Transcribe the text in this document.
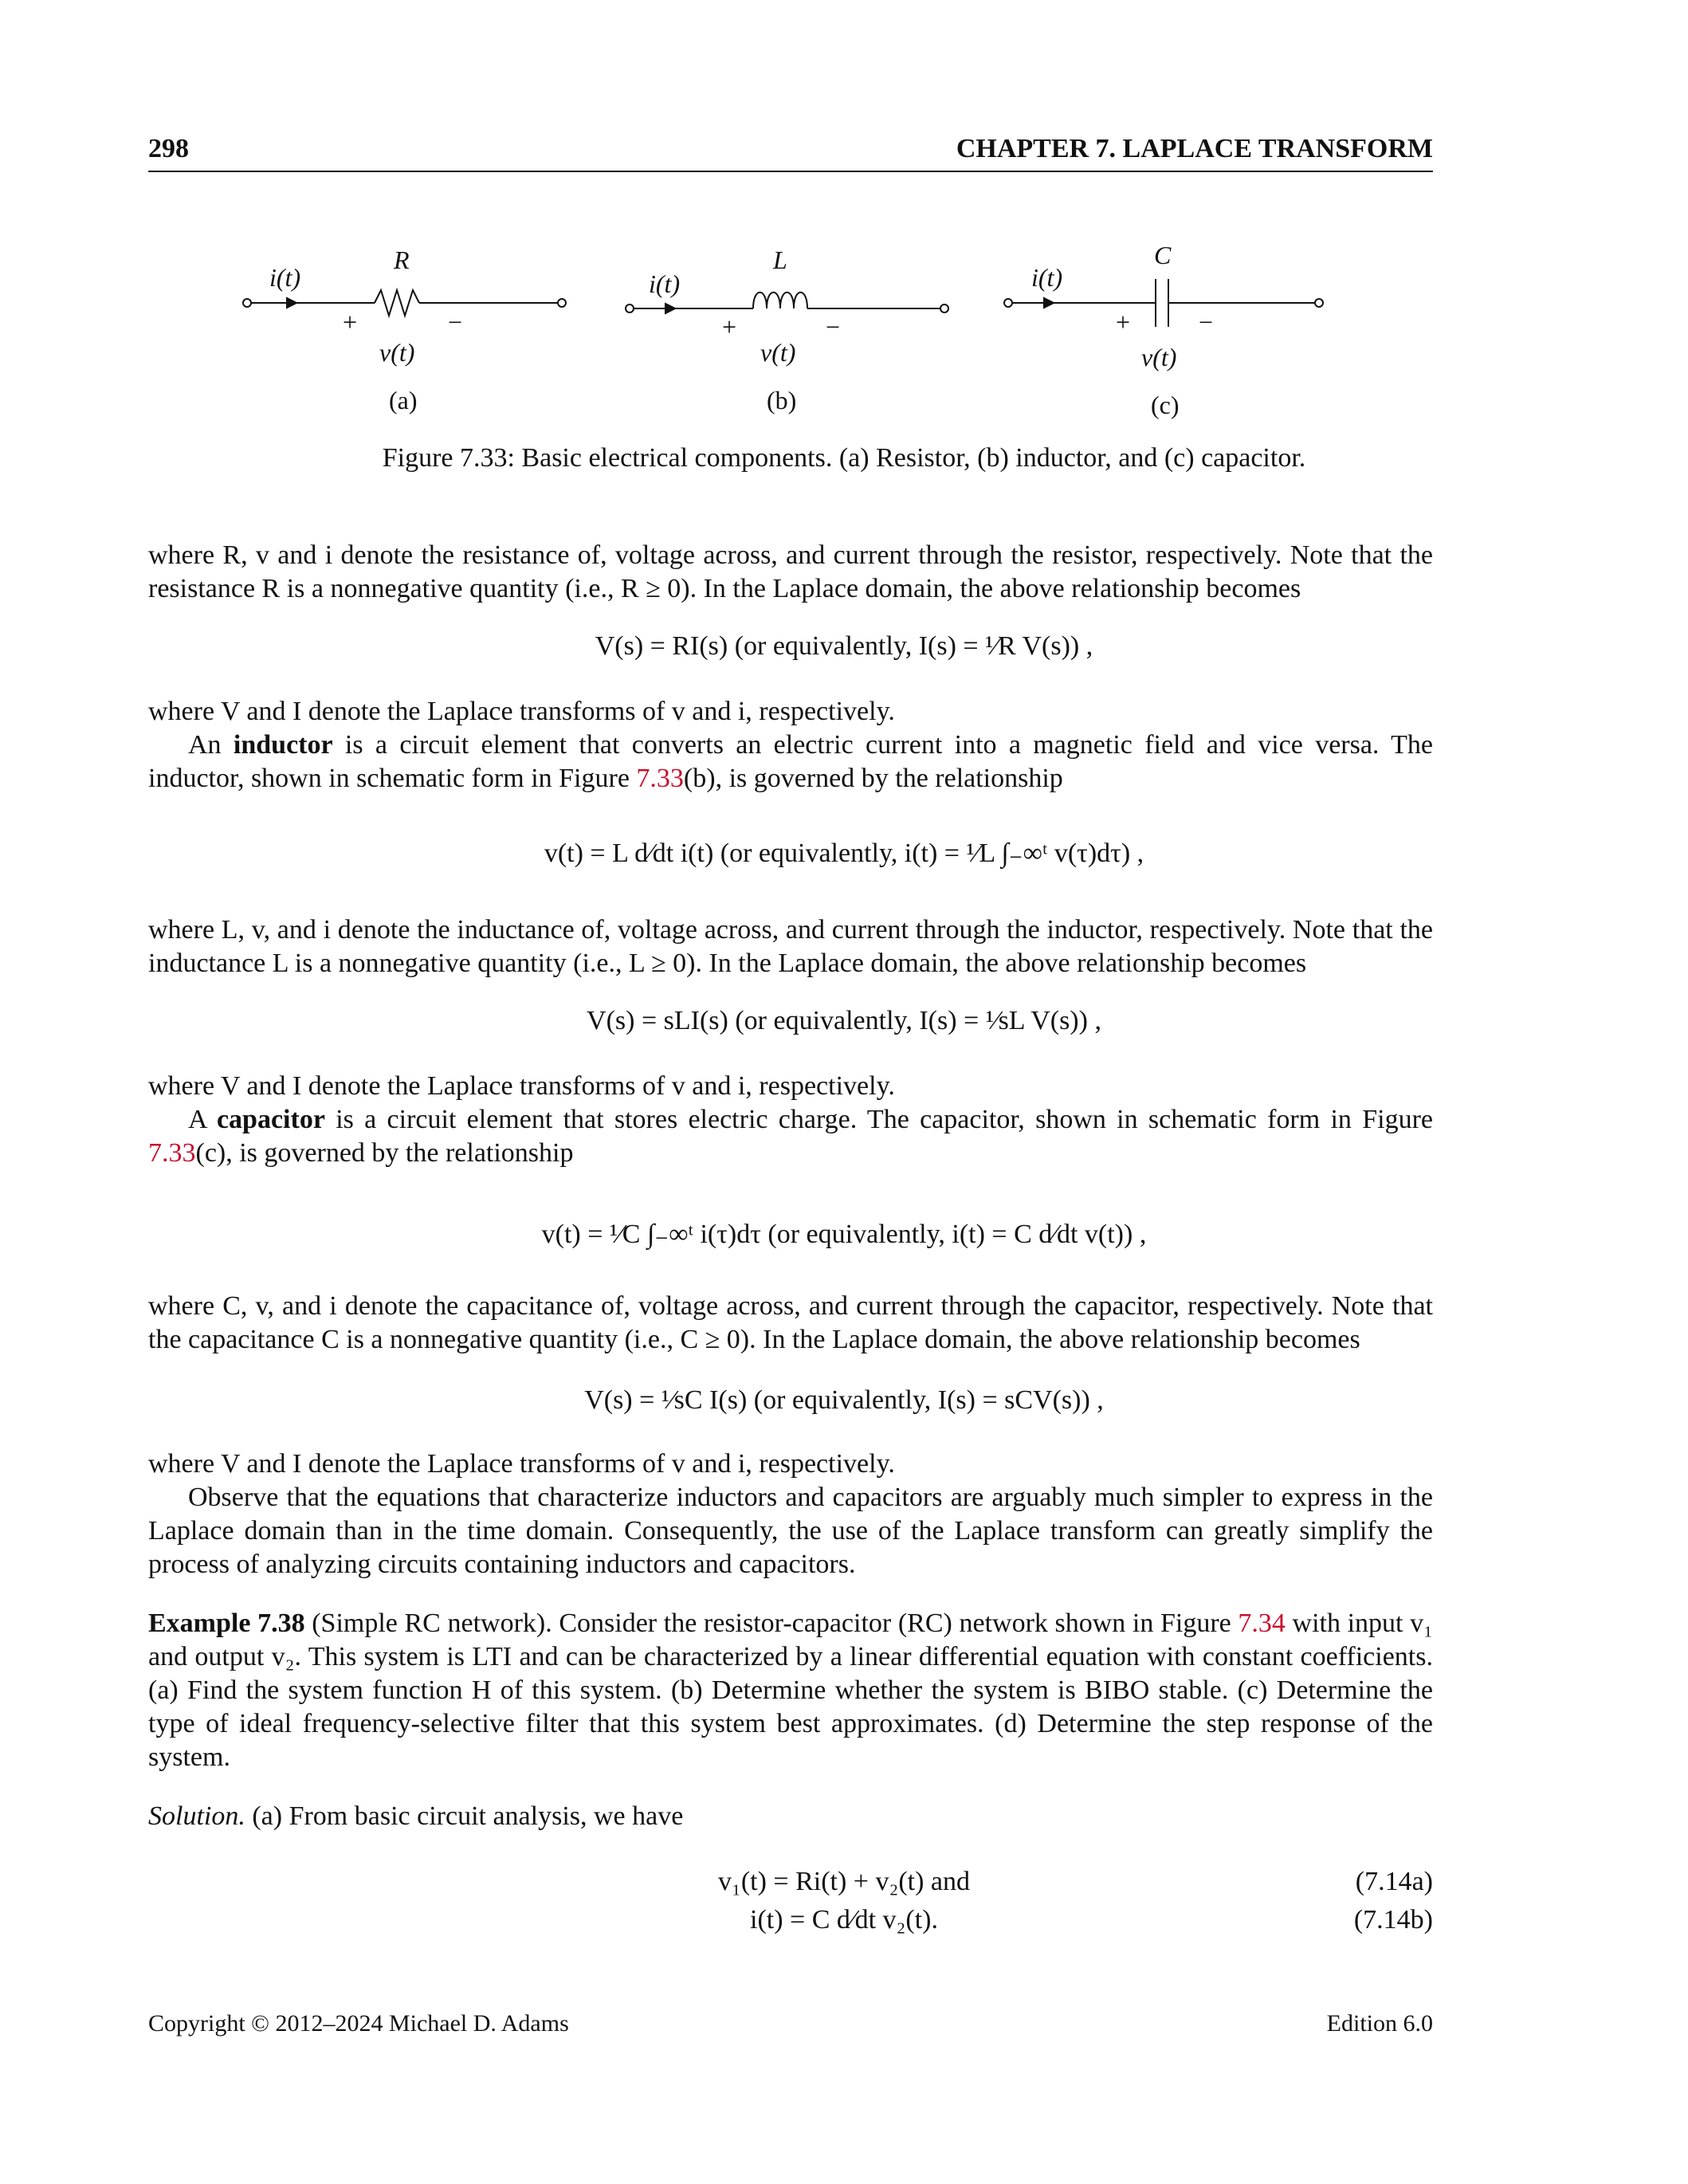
298	CHAPTER 7. LAPLACE TRANSFORM
i(t)
R
+	−
v(t)
(a)
i(t)
L
+	−
v(t)
(b)
i(t)
C
+	−
v(t)
(c)
Figure 7.33: Basic electrical components. (a) Resistor, (b) inductor, and (c) capacitor.
where R, v and i denote the resistance of, voltage across, and current through the resistor, respectively. Note that the resistance R is a nonnegative quantity (i.e., R ≥ 0). In the Laplace domain, the above relationship becomes
V(s) = RI(s) (or equivalently, I(s) = ¹⁄R V(s)) ,
where V and I denote the Laplace transforms of v and i, respectively.
An inductor is a circuit element that converts an electric current into a magnetic field and vice versa. The inductor, shown in schematic form in Figure 7.33(b), is governed by the relationship
v(t) = L d⁄dt i(t) (or equivalently, i(t) = ¹⁄L ∫₋∞ᵗ v(τ)dτ) ,
where L, v, and i denote the inductance of, voltage across, and current through the inductor, respectively. Note that the inductance L is a nonnegative quantity (i.e., L ≥ 0). In the Laplace domain, the above relationship becomes
V(s) = sLI(s) (or equivalently, I(s) = ¹⁄sL V(s)) ,
where V and I denote the Laplace transforms of v and i, respectively.
A capacitor is a circuit element that stores electric charge. The capacitor, shown in schematic form in Figure 7.33(c), is governed by the relationship
v(t) = ¹⁄C ∫₋∞ᵗ i(τ)dτ (or equivalently, i(t) = C d⁄dt v(t)) ,
where C, v, and i denote the capacitance of, voltage across, and current through the capacitor, respectively. Note that the capacitance C is a nonnegative quantity (i.e., C ≥ 0). In the Laplace domain, the above relationship becomes
V(s) = ¹⁄sC I(s) (or equivalently, I(s) = sCV(s)) ,
where V and I denote the Laplace transforms of v and i, respectively.
Observe that the equations that characterize inductors and capacitors are arguably much simpler to express in the Laplace domain than in the time domain. Consequently, the use of the Laplace transform can greatly simplify the process of analyzing circuits containing inductors and capacitors.
Example 7.38 (Simple RC network). Consider the resistor-capacitor (RC) network shown in Figure 7.34 with input v₁ and output v₂. This system is LTI and can be characterized by a linear differential equation with constant coefficients. (a) Find the system function H of this system. (b) Determine whether the system is BIBO stable. (c) Determine the type of ideal frequency-selective filter that this system best approximates. (d) Determine the step response of the system.
Solution. (a) From basic circuit analysis, we have
v₁(t) = Ri(t) + v₂(t) and	(7.14a)
i(t) = C d⁄dt v₂(t).	(7.14b)
Copyright © 2012–2024 Michael D. Adams	Edition 6.0
